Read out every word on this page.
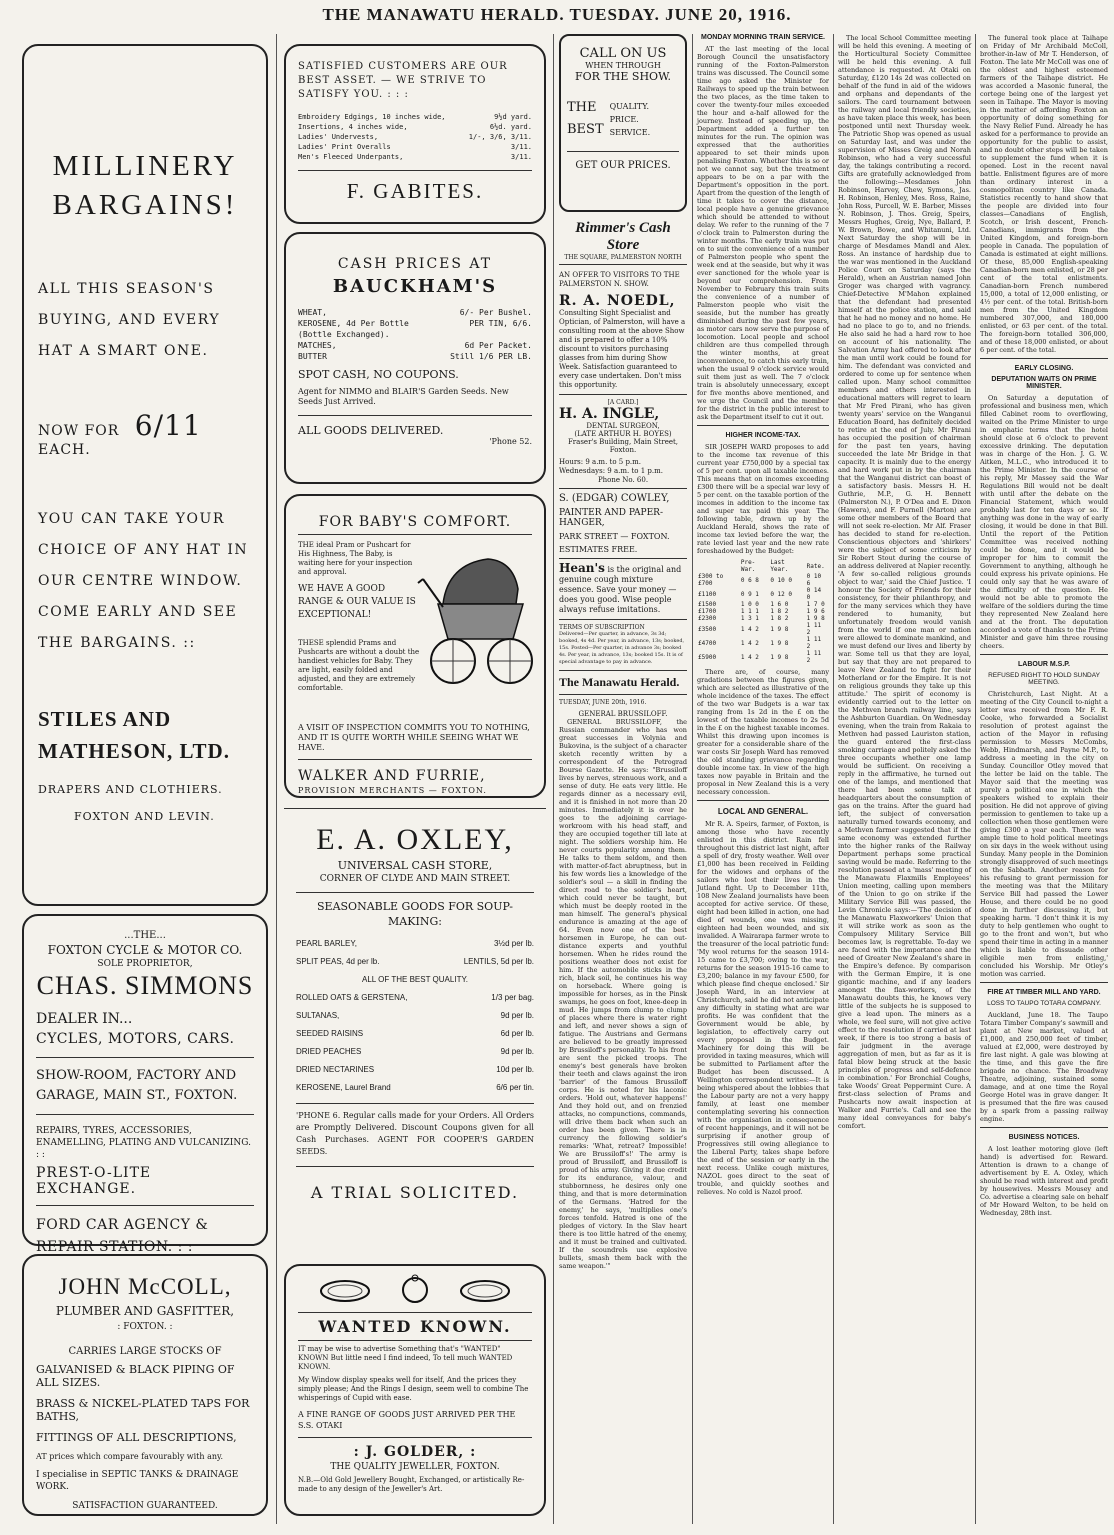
THE MANAWATU HERALD. TUESDAY. JUNE 20, 1916.
MILLINERY
BARGAINS!
ALL THIS SEASON'S
BUYING, AND EVERY
HAT A SMART ONE.
NOW FOR 6/11 EACH.
YOU CAN TAKE YOUR
CHOICE OF ANY HAT IN
OUR CENTRE WINDOW.
COME EARLY AND SEE
THE BARGAINS. ::
STILES AND
MATHESON, LTD.
DRAPERS AND CLOTHIERS.
FOXTON AND LEVIN.
...THE...
FOXTON CYCLE & MOTOR CO.
SOLE PROPRIETOR,
CHAS. SIMMONS
DEALER IN...
CYCLES, MOTORS, CARS.
SHOW-ROOM, FACTORY AND
GARAGE, MAIN ST., FOXTON.
REPAIRS, TYRES, ACCESSORIES, ENAMELLING, PLATING AND VULCANIZING. : :
PREST-O-LITE EXCHANGE.
FORD CAR AGENCY &
REPAIR STATION. : :
JOHN McCOLL,
PLUMBER AND GASFITTER,
: FOXTON. :
CARRIES LARGE STOCKS OF
GALVANISED & BLACK PIPING OF ALL SIZES.
BRASS & NICKEL-PLATED TAPS FOR BATHS,
FITTINGS OF ALL DESCRIPTIONS,
AT prices which compare favourably with any.
I specialise in SEPTIC TANKS & DRAINAGE WORK.
SATISFACTION GUARANTEED.
SATISFIED CUSTOMERS ARE OUR BEST ASSET. — WE STRIVE TO SATISFY YOU. : : :
Embroidery Edgings, 10 inches wide,	9½d yard.
Insertions, 4 inches wide,	6½d. yard.
Ladies' Undervests,	1/-, 3/6, 3/11.
Ladies' Print Overalls	3/11.
Men's Fleeced Underpants,	3/11.
F. GABITES.
CASH PRICES AT
BAUCKHAM'S
WHEAT,	6/- Per Bushel.
KEROSENE, 4d Per Bottle (Bottle Exchanged).
PER TIN, 6/6.
MATCHES,	6d Per Packet.
BUTTER	Still 1/6 PER LB.
SPOT CASH, NO COUPONS.
Agent for NIMMO and BLAIR'S Garden Seeds. New Seeds Just Arrived.
ALL GOODS DELIVERED.
'Phone 52.
FOR BABY'S COMFORT.
THE ideal Pram or Pushcart for His Highness, The Baby, is waiting here for your inspection and approval.
WE HAVE A GOOD RANGE & OUR VALUE IS EXCEPTIONAL!
THESE splendid Prams and Pushcarts are without a doubt the handiest vehicles for Baby. They are light, easily folded and adjusted, and they are extremely comfortable.
A VISIT OF INSPECTION COMMITS YOU TO NOTHING, AND IT IS QUITE WORTH WHILE SEEING WHAT WE HAVE.
WALKER AND FURRIE,
PROVISION MERCHANTS — FOXTON.
E. A. OXLEY,
UNIVERSAL CASH STORE,
CORNER OF CLYDE AND MAIN STREET.
SEASONABLE GOODS FOR SOUP-MAKING:
PEARL BARLEY,	3½d per lb.
SPLIT PEAS, 4d per lb.	LENTILS, 5d per lb.
ALL OF THE BEST QUALITY.
ROLLED OATS & GERSTENA,	1/3 per bag.
SULTANAS,	9d per lb.
SEEDED RAISINS	6d per lb.
DRIED PEACHES	9d per lb.
DRIED NECTARINES	10d per lb.
KEROSENE, Laurel Brand	6/6 per tin.
'PHONE 6. Regular calls made for your Orders. All Orders are Promptly Delivered. Discount Coupons given for all Cash Purchases. AGENT FOR COOPER'S GARDEN SEEDS.
A TRIAL SOLICITED.
WANTED KNOWN.
IT may be wise to advertise Something that's "WANTED" KNOWN But little need I find indeed, To tell much WANTED KNOWN.
My Window display speaks well for itself, And the prices they simply please; And the Rings I design, seem well to combine The whisperings of Cupid with ease.
A FINE RANGE OF GOODS JUST ARRIVED PER THE S.S. OTAKI
: J. GOLDER, :
THE QUALITY JEWELLER, FOXTON.
N.B.—Old Gold Jewellery Bought, Exchanged, or artistically Re-made to any design of the Jeweller's Art.
CALL ON US
WHEN THROUGH
FOR THE SHOW.
THE
BEST
QUALITY. PRICE. SERVICE.
GET OUR PRICES.
Rimmer's Cash Store
THE SQUARE, PALMERSTON NORTH
AN OFFER TO VISITORS TO THE PALMERSTON N. SHOW.
R. A. NOEDL,
Consulting Sight Specialist and Optician, of Palmerston, will have a consulting room at the above Show and is prepared to offer a 10% discount to visitors purchasing glasses from him during Show Week. Satisfaction guaranteed to every case undertaken. Don't miss this opportunity.
[A CARD.]
H. A. INGLE,
DENTAL SURGEON,
(LATE ARTHUR H. BOYES)
Fraser's Building, Main Street, Foxton.
Hours: 9 a.m. to 5 p.m. Wednesdays: 9 a.m. to 1 p.m.
Phone No. 60.
S. (EDGAR) COWLEY,
PAINTER AND PAPER-HANGER,
PARK STREET — FOXTON.
ESTIMATES FREE.
Hean's is the original and genuine cough mixture essence. Save your money — does you good. Wise people always refuse imitations.
TERMS OF SUBSCRIPTION
Delivered—Per quarter, in advance, 3s 3d; booked, 4s 4d. Per year, in advance, 13s; booked, 15s. Posted—Per quarter, in advance 3s; booked 4s. Per year, in advance, 13s; booked 15s. It is of special advantage to pay in advance.
The Manawatu Herald.
TUESDAY, JUNE 20th, 1916.
GENERAL BRUSSILOFF.

GENERAL BRUSSILOFF, the Russian commander who has won great successes in Volynia and Bukovina, is the subject of a character sketch recently written by a correspondent of the Petrograd Bourse Gazette. He says: "Brussiloff lives by nerves, strenuous work, and a sense of duty. He eats very little. He regards dinner as a necessary evil, and it is finished in not more than 20 minutes. Immediately it is over he goes to the adjoining carriage-workroom with his head staff, and they are occupied together till late at night. The soldiers worship him. He never courts popularity among them. He talks to them seldom, and then with matter-of-fact abruptness, but in his few words lies a knowledge of the soldier's soul — a skill in finding the direct road to the soldier's heart, which could never be taught, but which must be deeply rooted in the man himself. The general's physical endurance is amazing at the age of 64. Even now one of the best horsemen in Europe, he can out-distance experts and youthful horsemen. When he rides round the positions weather does not exist for him. If the automobile sticks in the rich, black soil, he continues his way on horseback. Where going is impossible for horses, as in the Pinsk swamps, he goes on foot, knee-deep in mud. He jumps from clump to clump of places where there is water right and left, and never shows a sign of fatigue. The Austrians and Germans are believed to be greatly impressed by Brussiloff's personality. To his front are sent the picked troops. The enemy's best generals have broken their teeth and claws against the iron 'barrier' of the famous Brussiloff corps. He is noted for his laconic orders. 'Hold out, whatever happens!' And they hold out, and on frenzied attacks, no compunctions, commands, will drive them back when such an order has been given. There is in currency the following soldier's remarks: 'What, retreat? Impossible! We are Brussiloff's!' The army is proud of Brussiloff, and Brussiloff is proud of his army. Giving it due credit for its endurance, valour, and stubbornness, he desires only one thing, and that is more determination of the Germans. 'Hatred for the enemy,' he says, 'multiplies one's forces tenfold. Hatred is one of the pledges of victory. In the Slav heart there is too little hatred of the enemy, and it must be trained and cultivated. If the scoundrels use explosive bullets, smash them back with the same weapon.'"

MONDAY MORNING TRAIN SERVICE.

AT the last meeting of the local Borough Council the unsatisfactory running of the Foxton-Palmerston trains was discussed. The Council some time ago asked the Minister for Railways to speed up the train between the two places, as the time taken to cover the twenty-four miles exceeded the hour and a-half allowed for the journey. Instead of speeding up, the Department added a further ten minutes for the run. The opinion was expressed that the authorities appeared to set their minds upon penalising Foxton. Whether this is so or not we cannot say, but the treatment appears to be on a par with the Department's opposition in the port. Apart from the question of the length of time it takes to cover the distance, local people have a genuine grievance which should be attended to without delay. We refer to the running of the 7 o'clock train to Palmerston during the winter months. The early train was put on to suit the convenience of a number of Palmerston people who spent the week end at the seaside, but why it was ever sanctioned for the whole year is beyond our comprehension. From November to February this train suits the convenience of a number of Palmerston people who visit the seaside, but the number has greatly diminished during the past few years, as motor cars now serve the purpose of locomotion. Local people and school children are thus compelled through the winter months, at great inconvenience, to catch this early train, when the usual 9 o'clock service would suit them just as well. The 7 o'clock train is absolutely unnecessary, except for five months above mentioned, and we urge the Council and the member for the district in the public interest to ask the Department itself to cut it out.

HIGHER INCOME-TAX.

SIR JOSEPH WARD proposes to add to the income tax revenue of this current year £750,000 by a special tax of 5 per cent. upon all taxable incomes. This means that on incomes exceeding £300 there will be a special war levy of 5 per cent. on the taxable portion of the incomes in addition to the income tax and super tax paid this year. The following table, drawn up by the Auckland Herald, shows the rate of income tax levied before the war, the rate levied last year and the new rate foreshadowed by the Budget:

	Pre-War.	Last Year.	Rate.
£300 to £700	0 6 8	0 10 0	0 10 6
£1100	0 9 1	0 12 0	0 14 0
£1500	1 0 0	1 6 0	1 7 0
£1700	1 1 1	1 8 2	1 9 6
£2300	1 3 1	1 8 2	1 9 8
£3500	1 4 2	1 9 8	1 11 2
£4700	1 4 2	1 9 8	1 11 2
£5900	1 4 2	1 9 8	1 11 2

There are, of course, many gradations between the figures given, which are selected as illustrative of the whole incidence of the taxes. The effect of the two war Budgets is a war tax ranging from 1s 2d in the £ on the lowest of the taxable incomes to 2s 5d in the £ on the highest taxable incomes. Whilst this drawing upon incomes is greater for a considerable share of the war costs Sir Joseph Ward has removed the old standing grievance regarding double income tax. In view of the high taxes now payable in Britain and the proposal in New Zealand this is a very necessary concession.

LOCAL AND GENERAL.

Mr R. A. Speirs, farmer, of Foxton, is among those who have recently enlisted in this district. Rain fell throughout this district last night, after a spell of dry, frosty weather. Well over £1,000 has been received in Feilding for the widows and orphans of the sailors who lost their lives in the Jutland fight. Up to December 11th, 108 New Zealand journalists have been accepted for active service. Of these, eight had been killed in action, one had died of wounds, one was missing, eighteen had been wounded, and six invalided. A Wairarapa farmer wrote to the treasurer of the local patriotic fund: 'My wool returns for the season 1914-15 came to £3,700; owing to the war, returns for the season 1915-16 came to £3,200; balance in my favour £500, for which please find cheque enclosed.' Sir Joseph Ward, in an interview at Christchurch, said he did not anticipate any difficulty in stating what are war profits. He was confident that the Government would be able, by legislation, to effectively carry out every proposal in the Budget. Machinery for doing this will be provided in taxing measures, which will be submitted to Parliament after the Budget has been discussed. A Wellington correspondent writes:—It is being whispered about the lobbies that the Labour party are not a very happy family, at least one member contemplating severing his connection with the organisation in consequence of recent happenings, and it will not be surprising if another group of Progressives still owing allegiance to the Liberal Party, takes shape before the end of the session or early in the next recess. Unlike cough mixtures, NAZOL goes direct to the seat of trouble, and quickly soothes and relieves. No cold is Nazol proof.

The local School Committee meeting will be held this evening. A meeting of the Horticultural Society Committee will be held this evening. A full attendance is requested. At Otaki on Saturday, £120 14s 2d was collected on behalf of the fund in aid of the widows and orphans and dependants of the sailors. The card tournament between the railway and local friendly societies, as have taken place this week, has been postponed until next Thursday week. The Patriotic Shop was opened as usual on Saturday last, and was under the supervision of Misses Greig and Norah Robinson, who had a very successful day, the takings contributing a record. Gifts are gratefully acknowledged from the following:—Mesdames John Robinson, Harvey, Chew, Symons, Jas. H. Robinson, Henley, Mes. Ross, Raine, John Ross, Purcell, W. E. Barber, Misses N. Robinson, J. Thos. Greig, Speirs, Messrs Hughes, Greig, Nye, Ballard, P. W. Brown, Bowe, and Whitanuni, Ltd. Next Saturday the shop will be in charge of Mesdames Mandl and Alex. Ross. An instance of hardship due to the war was mentioned in the Auckland Police Court on Saturday (says the Herald), when an Austrian named John Groger was charged with vagrancy. Chief-Detective M'Mahon explained that the defendant had presented himself at the police station, and said that he had no money and no home. He had no place to go to, and no friends. He also said he had a hard row to hoe on account of his nationality. The Salvation Army had offered to look after the man until work could be found for him. The defendant was convicted and ordered to come up for sentence when called upon. Many school committee members and others interested in educational matters will regret to learn that Mr Fred Pirani, who has given twenty years' service on the Wanganui Education Board, has definitely decided to retire at the end of July. Mr Pirani has occupied the position of chairman for the past ten years, having succeeded the late Mr Bridge in that capacity. It is mainly due to the energy and hard work put in by the chairman that the Wanganui district can boast of a satisfactory basis. Messrs H. H. Guthrie, M.P., G. H. Bennett (Palmerston N.), P. O'Dea and E. Dixon (Hawera), and F. Purnell (Marton) are some other members of the Board that will not seek re-election. Mr Alf. Fraser has decided to stand for re-election. Conscientious objectors and 'shirkers' were the subject of some criticism by Sir Robert Stout during the course of an address delivered at Napier recently. 'A few so-called religious grounds object to war,' said the Chief Justice. 'I honour the Society of Friends for their consistency, for their philanthropy, and for the many services which they have rendered to humanity, but unfortunately freedom would vanish from the world if one man or nation were allowed to dominate mankind, and we must defend our lives and liberty by war. Some tell us that they are loyal, but say that they are not prepared to leave New Zealand to fight for their Motherland or for the Empire. It is not on religious grounds they take up this attitude.' The spirit of economy is evidently carried out to the letter on the Methven branch railway line, says the Ashburton Guardian. On Wednesday evening, when the train from Rakaia to Methven had passed Lauriston station, the guard entered the first-class smoking carriage and politely asked the three occupants whether one lamp would be sufficient. On receiving a reply in the affirmative, he turned out one of the lamps, and mentioned that there had been some talk at headquarters about the consumption of gas on the trains. After the guard had left, the subject of conversation naturally turned towards economy, and a Methven farmer suggested that if the same economy was extended further into the higher ranks of the Railway Department perhaps some practical saving would be made. Referring to the resolution passed at a 'mass' meeting of the Manawatu Flaxmills Employees' Union meeting, calling upon members of the Union to go on strike if the Military Service Bill was passed, the Levin Chronicle says:—'The decision of the Manawatu Flaxworkers' Union that it will strike work as soon as the Compulsory Military Service Bill becomes law, is regrettable. To-day we are faced with the importance and the need of Greater New Zealand's share in the Empire's defence. By comparison with the German Empire, it is one gigantic machine, and if any leaders amongst the flax-workers, of the Manawatu doubts this, he knows very little of the subjects he is supposed to give a lead upon. The miners as a whole, we feel sure, will not give active effect to the resolution if carried at last week, if there is too strong a basis of fair judgment in the average aggregation of men, but as far as it is fatal blow being struck at the basic principles of progress and self-defence in combination.' For Bronchial Coughs, take Woods' Great Peppermint Cure. A first-class selection of Prams and Pushcarts now await inspection at Walker and Furrie's. Call and see the many ideal conveyances for baby's comfort.

The funeral took place at Taihape on Friday of Mr Archibald McColl, brother-in-law of Mr T. Henderson, of Foxton. The late Mr McColl was one of the oldest and highest esteemed farmers of the Taihape district. He was accorded a Masonic funeral, the cortege being one of the largest yet seen in Taihape. The Mayor is moving in the matter of affording Foxton an opportunity of doing something for the Navy Relief Fund. Already he has asked for a performance to provide an opportunity for the public to assist, and no doubt other steps will be taken to supplement the fund when it is opened. Lost in the recent naval battle. Enlistment figures are of more than ordinary interest in a cosmopolitan country like Canada. Statistics recently to hand show that the people are divided into four classes—Canadians of English, Scotch, or Irish descent, French-Canadians, immigrants from the United Kingdom, and foreign-born people in Canada. The population of Canada is estimated at eight millions. Of these, 85,000 English-speaking Canadian-born men enlisted, or 28 per cent of the total enlistments. Canadian-born French numbered 15,000, a total of 12,000 enlisting, or 4½ per cent. of the total. British-born men from the United Kingdom numbered 307,000, and 180,000 enlisted, or 63 per cent. of the total. The foreign-born totalled 306,000, and of these 18,000 enlisted, or about 6 per cent. of the total.

EARLY CLOSING.
DEPUTATION WAITS ON PRIME MINISTER.

On Saturday a deputation of professional and business men, which filled Cabinet room to overflowing, waited on the Prime Minister to urge in emphatic terms that the hotel should close at 6 o'clock to prevent excessive drinking. The deputation was in charge of the Hon. J. G. W. Aitken, M.L.C., who introduced it to the Prime Minister. In the course of his reply, Mr Massey said the War Regulations Bill would not be dealt with until after the debate on the Financial Statement, which would probably last for ten days or so. If anything was done in the way of early closing, it would be done in that Bill. Until the report of the Petition Committee was received nothing could be done, and it would be improper for him to commit the Government to anything, although he could express his private opinions. He could only say that he was aware of the difficulty of the question. He would not be able to promote the welfare of the soldiers during the time they represented New Zealand here and at the front. The deputation accorded a vote of thanks to the Prime Minister and gave him three rousing cheers.

LABOUR M.S.P.
REFUSED RIGHT TO HOLD SUNDAY MEETING.

Christchurch, Last Night. At a meeting of the City Council to-night a letter was received from Mr F. R. Cooke, who forwarded a Socialist resolution of protest against the action of the Mayor in refusing permission to Messrs McCombs, Webb, Hindmarsh, and Payne M.P., to address a meeting in the city on Sunday. Councillor Otley moved that the letter be laid on the table. The Mayor said that the meeting was purely a political one in which the speakers wished to explain their position. He did not approve of giving permission to gentlemen to take up a collection when those gentlemen were giving £300 a year each. There was ample time to hold political meetings on six days in the week without using Sunday. Many people in the Dominion strongly disapproved of such meetings on the Sabbath. Another reason for his refusing to grant permission for the meeting was that the Military Service Bill had passed the Lower House, and there could be no good done in further discussing it, but speaking harm. 'I don't think it is my duty to help gentlemen who ought to go to the front and won't, but who spend their time in acting in a manner which is liable to dissuade other eligible men from enlisting,' concluded his Worship. Mr Otley's motion was carried.

FIRE AT TIMBER MILL AND YARD.
LOSS TO TAUPO TOTARA COMPANY.

Auckland, June 18. The Taupo Totara Timber Company's sawmill and plant at New market, valued at £1,000, and 250,000 feet of timber, valued at £2,000, were destroyed by fire last night. A gale was blowing at the time, and this gave the fire brigade no chance. The Broadway Theatre, adjoining, sustained some damage, and at one time the Royal George Hotel was in grave danger. It is presumed that the fire was caused by a spark from a passing railway engine.

BUSINESS NOTICES.

A lost leather motoring glove (left hand) is advertised for. Reward. Attention is drawn to a change of advertisement by E. A. Oxley, which should be read with interest and profit by housewives. Messrs Mousey and Co. advertise a clearing sale on behalf of Mr Howard Welton, to be held on Wednesday, 28th inst.
